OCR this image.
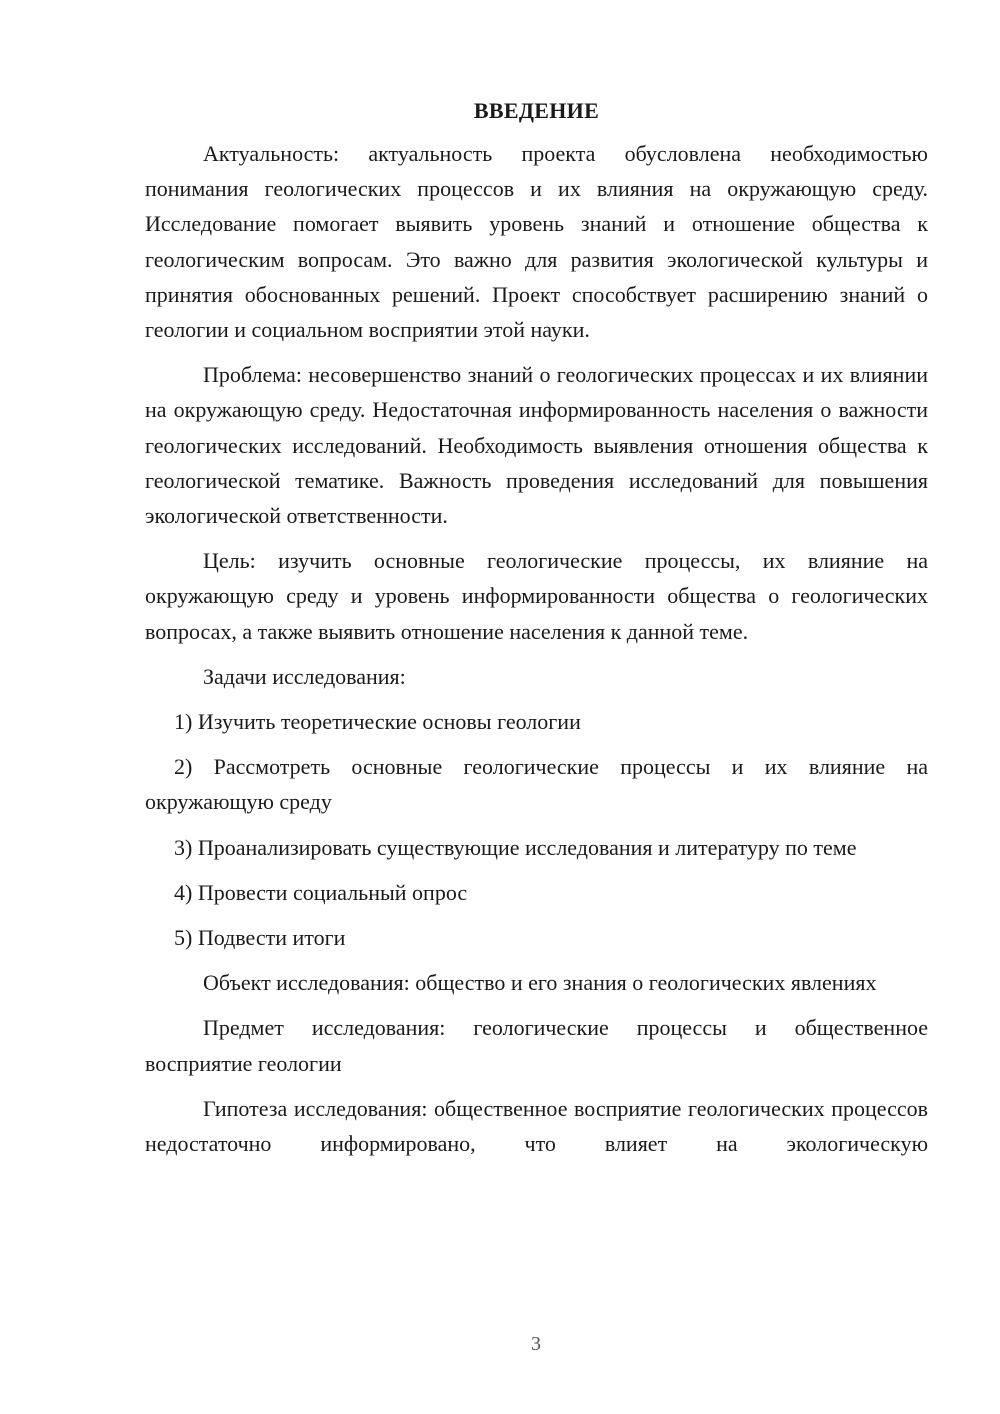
ВВЕДЕНИЕ

Актуальность: актуальность проекта обусловлена необходимостью понимания геологических процессов и их влияния на окружающую среду. Исследование помогает выявить уровень знаний и отношение общества к геологическим вопросам. Это важно для развития экологической культуры и принятия обоснованных решений. Проект способствует расширению знаний о геологии и социальном восприятии этой науки.

Проблема: несовершенство знаний о геологических процессах и их влиянии на окружающую среду. Недостаточная информированность населения о важности геологических исследований. Необходимость выявления отношения общества к геологической тематике. Важность проведения исследований для повышения экологической ответственности.

Цель: изучить основные геологические процессы, их влияние на окружающую среду и уровень информированности общества о геологических вопросах, а также выявить отношение населения к данной теме.

Задачи исследования:

1) Изучить теоретические основы геологии

2) Рассмотреть основные геологические процессы и их влияние на окружающую среду

3) Проанализировать существующие исследования и литературу по теме

4) Провести социальный опрос

5) Подвести итоги

Объект исследования: общество и его знания о геологических явлениях

Предмет исследования: геологические процессы и общественное восприятие геологии

Гипотеза исследования: общественное восприятие геологических процессов недостаточно информировано, что влияет на экологическую

3
